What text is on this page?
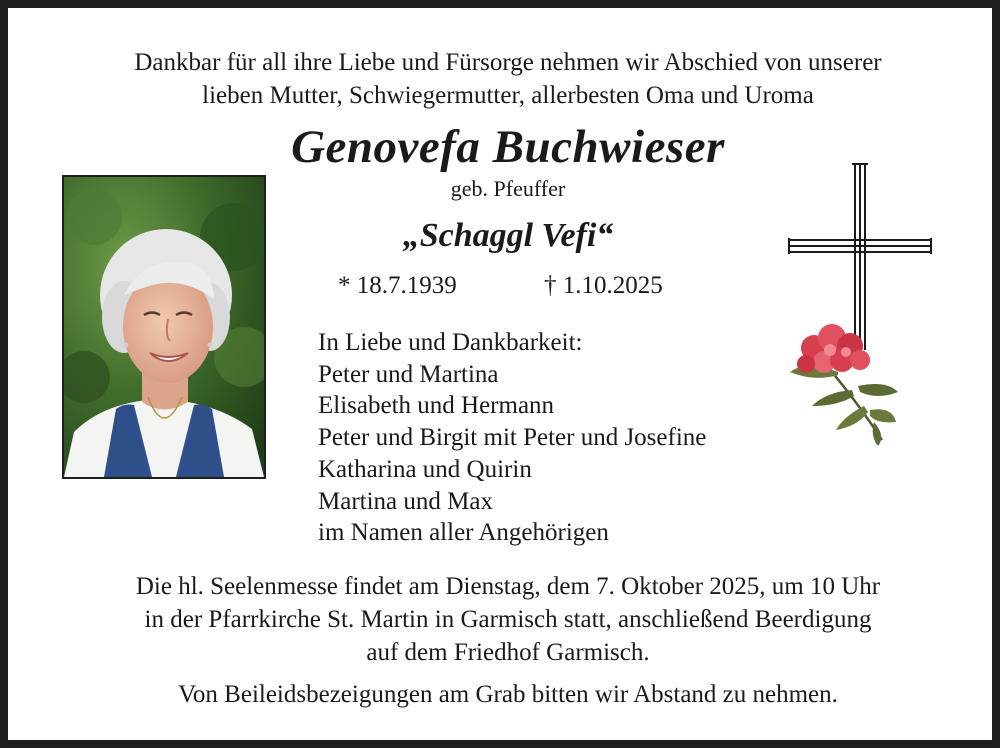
Dankbar für all ihre Liebe und Fürsorge nehmen wir Abschied von unserer
lieben Mutter, Schwiegermutter, allerbesten Oma und Uroma
Genovefa Buchwieser
geb. Pfeuffer
„Schaggl Vefi“
* 18.7.1939	† 1.10.2025
In Liebe und Dankbarkeit:
Peter und Martina
Elisabeth und Hermann
Peter und Birgit mit Peter und Josefine
Katharina und Quirin
Martina und Max
im Namen aller Angehörigen
Die hl. Seelenmesse findet am Dienstag, dem 7. Oktober 2025, um 10 Uhr
in der Pfarrkirche St. Martin in Garmisch statt, anschließend Beerdigung
auf dem Friedhof Garmisch.
Von Beileidsbezeigungen am Grab bitten wir Abstand zu nehmen.
